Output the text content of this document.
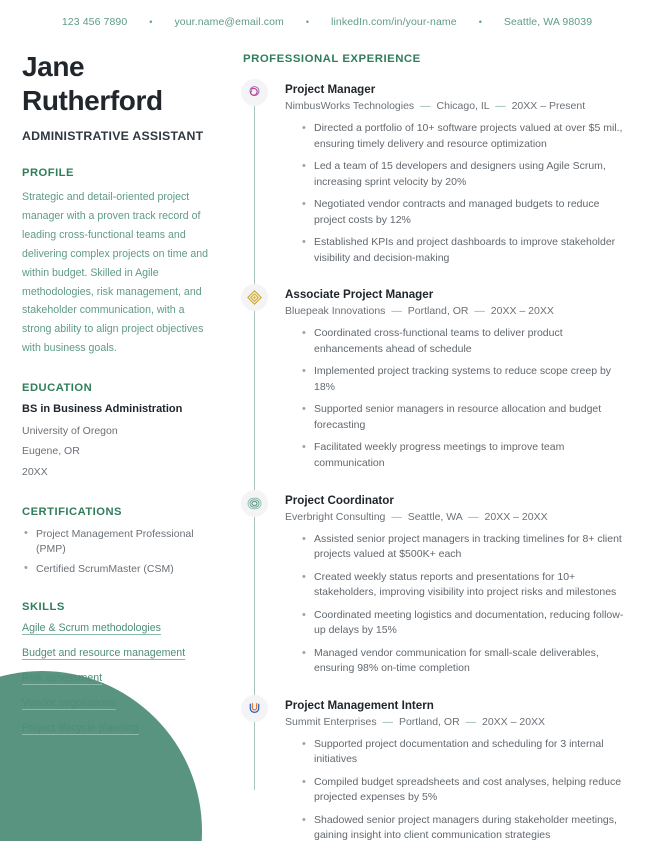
123 456 7890	•	your.name@email.com	•	linkedIn.com/in/your-name	•	Seattle, WA 98039
Jane
Rutherford
ADMINISTRATIVE ASSISTANT
PROFILE
Strategic and detail-oriented project manager with a proven track record of leading cross-functional teams and delivering complex projects on time and within budget. Skilled in Agile methodologies, risk management, and stakeholder communication, with a strong ability to align project objectives with business goals.
EDUCATION
BS in Business Administration
University of Oregon
Eugene, OR
20XX
CERTIFICATIONS
• Project Management Professional (PMP)
• Certified ScrumMaster (CSM)
SKILLS
Agile & Scrum methodologies
Budget and resource management
Risk assessment
Vendor negotiations
Project lifecycle planning
PROFESSIONAL EXPERIENCE
Project Manager
NimbusWorks Technologies — Chicago, IL — 20XX – Present
• Directed a portfolio of 10+ software projects valued at over $5 mil., ensuring timely delivery and resource optimization
• Led a team of 15 developers and designers using Agile Scrum, increasing sprint velocity by 20%
• Negotiated vendor contracts and managed budgets to reduce project costs by 12%
• Established KPIs and project dashboards to improve stakeholder visibility and decision-making
Associate Project Manager
Bluepeak Innovations — Portland, OR — 20XX – 20XX
• Coordinated cross-functional teams to deliver product enhancements ahead of schedule
• Implemented project tracking systems to reduce scope creep by 18%
• Supported senior managers in resource allocation and budget forecasting
• Facilitated weekly progress meetings to improve team communication
Project Coordinator
Everbright Consulting — Seattle, WA — 20XX – 20XX
• Assisted senior project managers in tracking timelines for 8+ client projects valued at $500K+ each
• Created weekly status reports and presentations for 10+ stakeholders, improving visibility into project risks and milestones
• Coordinated meeting logistics and documentation, reducing follow-up delays by 15%
• Managed vendor communication for small-scale deliverables, ensuring 98% on-time completion
Project Management Intern
Summit Enterprises — Portland, OR — 20XX – 20XX
• Supported project documentation and scheduling for 3 internal initiatives
• Compiled budget spreadsheets and cost analyses, helping reduce projected expenses by 5%
• Shadowed senior project managers during stakeholder meetings, gaining insight into client communication strategies
